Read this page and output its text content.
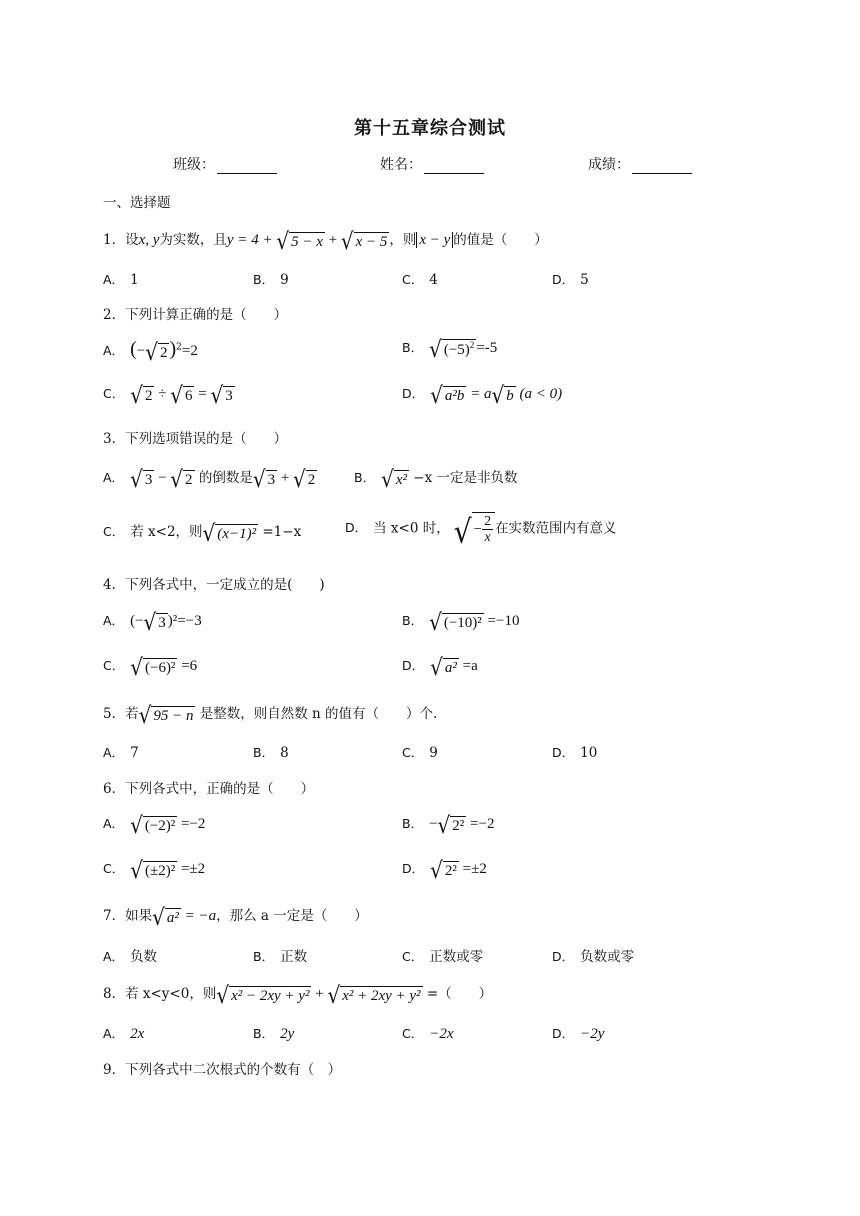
第十五章综合测试
班级：	姓名：	成绩：
一、选择题
1．设x, y为实数，且y = 4 + √ 5 − x + √ x − 5 ，则 x − y 的值是（　　）
A． 1	B． 9	C． 4	D． 5
2．下列计算正确的是（　　）
A． (− √ 2 )$^2$=2	B． √ $(-5)^2 =-5$
C． √ 2 ÷ √ 6 = √ 3	D． √ a²b = a √ b (a < 0)
3．下列选项错误的是（　　）
A． √ 3 − √ 2 的倒数是 √ 3 + √ 2	B． √ x² −x 一定是非负数
C． 若 x<2，则 √ (x−1)² =1−x	D． 当 x<0 时， √ − $\frac{2}{x}$ 在实数范围内有意义
4．下列各式中，一定成立的是(　　)
A． (− √ 3 )²=−3	B． √ (−10)² =−10
C． √ (−6)² =6	D． √ a² =a
5．若 √ 95 − n 是整数，则自然数 n 的值有（　　）个.
A． 7	B． 8	C． 9	D． 10
6．下列各式中，正确的是（　　）
A． √ (−2)² =−2	B． − √ 2² =−2
C． √ (±2)² =±2	D． √ 2² =±2
7．如果 √ a² = −a，那么 a 一定是（　　）
A． 负数	B． 正数	C． 正数或零	D． 负数或零
8．若 x<y<0，则 √ x² − 2xy + y² + √ x² + 2xy + y² =（　　）
A． 2x	B． 2y	C． −2x	D． −2y
9．下列各式中二次根式的个数有（　）
